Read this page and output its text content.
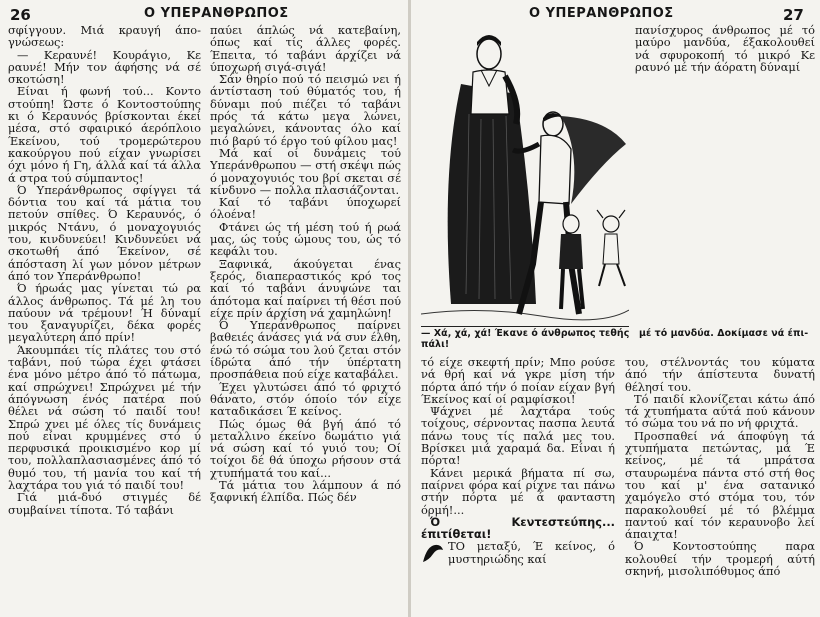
26	Ο ΥΠΕΡΑΝΘΡΩΠΟΣ

σφίγγουν. Μιά κραυγή άπο-γνώσεως:

— Κεραυνέ! Κουράγιο, Κε ραυνέ! Μήν τον άφήσης νά σέ σκοτώση!

Είναι ή φωνή τού... Κοντο στούπη! Ώστε ό Κοντοστούπης κι ό Κεραυνός βρίσκονται έκεί μέσα, στό σφαιρικό άερόπλοιο Έκείνου, τού τρομερώτερου κακούργου πού είχαν γνωρίσει όχι μόνο ή Γη, άλλά καί τά άλλα ά στρα τού σύμπαντος!

Ό Υπεράνθρωπος σφίγγει τά δόντια του καί τά μάτια του πετούν σπίθες. Ό Κεραυνός, ό μικρός Ντάνυ, ό μοναχογυιός του, κινδυνεύει! Κινδυνεύει νά σκοτωθή άπό Έκείνον, σέ άπόσταση λί γων μόνον μέτρων άπό τον Υπεράνθρωπο!

Ό ήρωάς μας γίνεται τώ ρα άλλος άνθρωπος. Τά μέ λη του παύουν νά τρέμουν! Ή δύναμί του ξαναγυρίζει, δέκα φορές μεγαλύτερη άπό πρίν!

Άκουμπάει τίς πλάτες του στό ταβάνι, πού τώρα έχει φτάσει ένα μόνο μέτρο άπό τό πάτωμα, καί σπρώχνει! Σπρώχνει μέ τήν άπόγνωση ένός πατέρα πού θέλει νά σώση τό παιδί του! Σπρώ χνει μέ όλες τίς δυνάμεις πού είναι κρυμμένες στό ύ περφυσικά προικισμένο κορ μί του, πολλαπλασιασμένες άπό τό θυμό του, τή μανία του καί τή λαχτάρα του γιά τό παιδί του!

Γιά μιά-δυό στιγμές δέ συμβαίνει τίποτα. Τό ταβάνι

παύει άπλώς νά κατεβαίνη, όπως καί τίς άλλες φορές. Έπειτα, τό ταβάνι άρχίζει νά ύποχωρή σιγά-σιγά!

Σάν θηρίο πού τό πεισμώ νει ή άντίσταση τού θύματός του, ή δύναμι πού πιέζει τό ταβάνι πρός τά κάτω μεγα λώνει, μεγαλώνει, κάνοντας όλο καί πιό βαρύ τό έργο τού φίλου μας!

Μά καί οί δυνάμεις τού Υπεράνθρωπου — στή σκέψι πώς ό μοναχογυιός του βρί σκεται σέ κίνδυνο — πολλα πλασιάζονται.

Καί τό ταβάνι ύποχωρεί όλοένα!

Φτάνει ώς τή μέση τού ή ρωά μας, ώς τούς ώμους του, ώς τό κεφάλι του.

Ξαφνικά, άκούγεται ένας ξερός, διαπεραστικός κρό τος καί τό ταβάνι άνυψώνε ται άπότομα καί παίρνει τή θέσι πού είχε πρίν άρχίση νά χαμηλώνη!

Ό Υπεράνθρωπος παίρνει βαθειές άνάσες γιά νά συν έλθη, ένώ τό σώμα του λού ζεται στόν ίδρώτα άπό τήν ύπέρτατη προσπάθεια πού είχε καταβάλει.

Έχει γλυτώσει άπό τό φριχτό θάνατο, στόν όποίο τόν είχε καταδικάσει Έ κείνος.

Πώς όμως θά βγή άπό τό μεταλλινο έκείνο δωμάτιο γιά νά σώση καί τό γυιό του; Οί τοίχοι δέ θά ύποχω ρήσουν στά χτυπήματά του καί...

Τά μάτια του λάμπουν ά πό ξαφνική έλπίδα. Πώς δέν

Ο ΥΠΕΡΑΝΘΡΩΠΟΣ	27

πανίσχυρος άνθρωπος μέ τό μαύρο μανδύα, έξακολουθεί νά σφυροκοπή τό μικρό Κε ραυνό μέ τήν άόρατη δύναμί

— Χά, χά, χά! Έκανε ό άνθρωπος τεθής πάλι!
μέ τό μανδύα. Δοκίμασε νά έπι-

τό είχε σκεφτή πρίν; Μπο ρούσε νά θρή καί νά γκρε μίση τήν πόρτα άπό τήν ό ποίαν είχαν βγή Έκείνος καί οί ραμφίσκοι!

Ψάχνει μέ λαχτάρα τούς τοίχους, σέρνοντας πασπα λευτά πάνω τους τίς παλά μες του. Βρίσκει μιά χαραμά δα. Είναι ή πόρτα!

Κάνει μερικά βήματα πί σω, παίρνει φόρα καί ρίχνε ται πάνω στήν πόρτα μέ ά φανταστη όρμή!...

Ό Κεντεστεύπης... έπιτίθεται!

ΤΟ μεταξύ, Έ κείνος, ό μυστηριώδης καί

του, στέλνοντάς του κύματα άπό τήν άπίστευτα δυνατή θέλησί του.

Τό παιδί κλονίζεται κάτω άπό τά χτυπήματα αύτά πού κάνουν τό σώμα του νά πο νή φριχτά.

Προσπαθεί νά άποφύγη τά χτυπήματα πετώντας, μά Έ κείνος, μέ τά μπράτσα σταυρωμένα πάντα στό στή θος του καί μ' ένα σατανικό χαμόγελο στό στόμα του, τόν παρακολουθεί μέ τό βλέμμα παντού καί τόν κεραυνοβο λεί άπαιχτα!

Ό Κοντοστούπης παρα κολουθεί τήν τρομερή αύτή σκηνή, μισολιπόθυμος άπό
